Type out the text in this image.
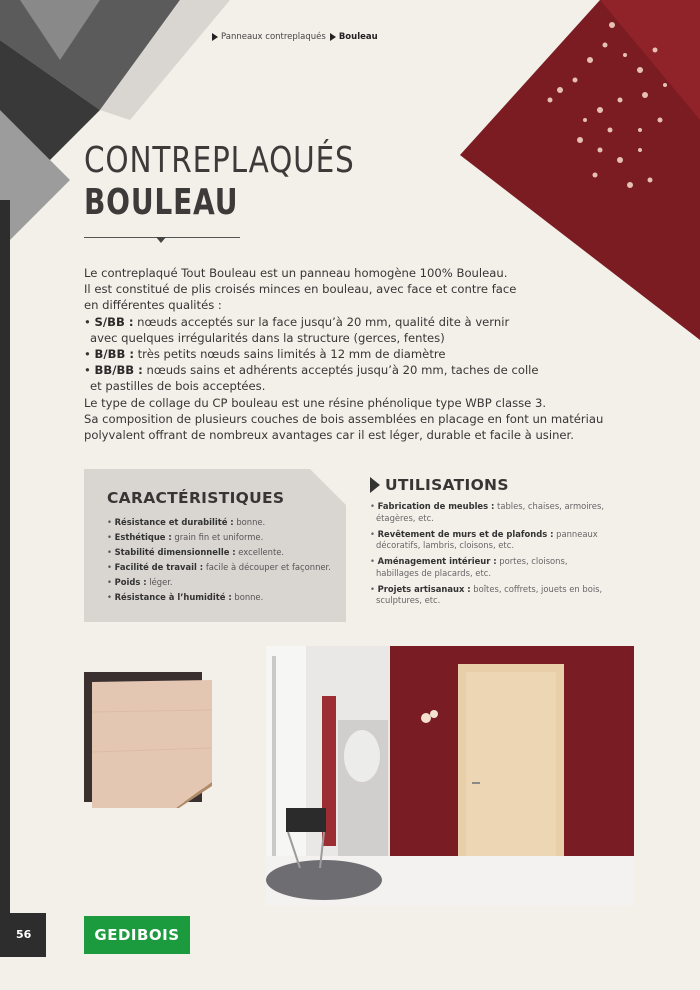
Panneaux contreplaqués Bouleau
CONTREPLAQUÉS
BOULEAU

Le contreplaqué Tout Bouleau est un panneau homogène 100% Bouleau.

Il est constitué de plis croisés minces en bouleau, avec face et contre face

en différentes qualités :

• S/BB : nœuds acceptés sur la face jusqu’à 20 mm, qualité dite à vernir

avec quelques irrégularités dans la structure (gerces, fentes)

• B/BB : très petits nœuds sains limités à 12 mm de diamètre

• BB/BB : nœuds sains et adhérents acceptés jusqu’à 20 mm, taches de colle

et pastilles de bois acceptées.

Le type de collage du CP bouleau est une résine phénolique type WBP classe 3.

Sa composition de plusieurs couches de bois assemblées en placage en font un matériau

polyvalent offrant de nombreux avantages car il est léger, durable et facile à usiner.

CARACTÉRISTIQUES
• Résistance et durabilité : bonne.
• Esthétique : grain fin et uniforme.
• Stabilité dimensionnelle : excellente.
• Facilité de travail : facile à découper et façonner.
• Poids : léger.
• Résistance à l’humidité : bonne.
UTILISATIONS
• Fabrication de meubles : tables, chaises, armoires, étagères, etc.
• Revêtement de murs et de plafonds : panneaux décoratifs, lambris, cloisons, etc.
• Aménagement intérieur : portes, cloisons, habillages de placards, etc.
• Projets artisanaux : boîtes, coffrets, jouets en bois, sculptures, etc.
56	GEDIBOIS
